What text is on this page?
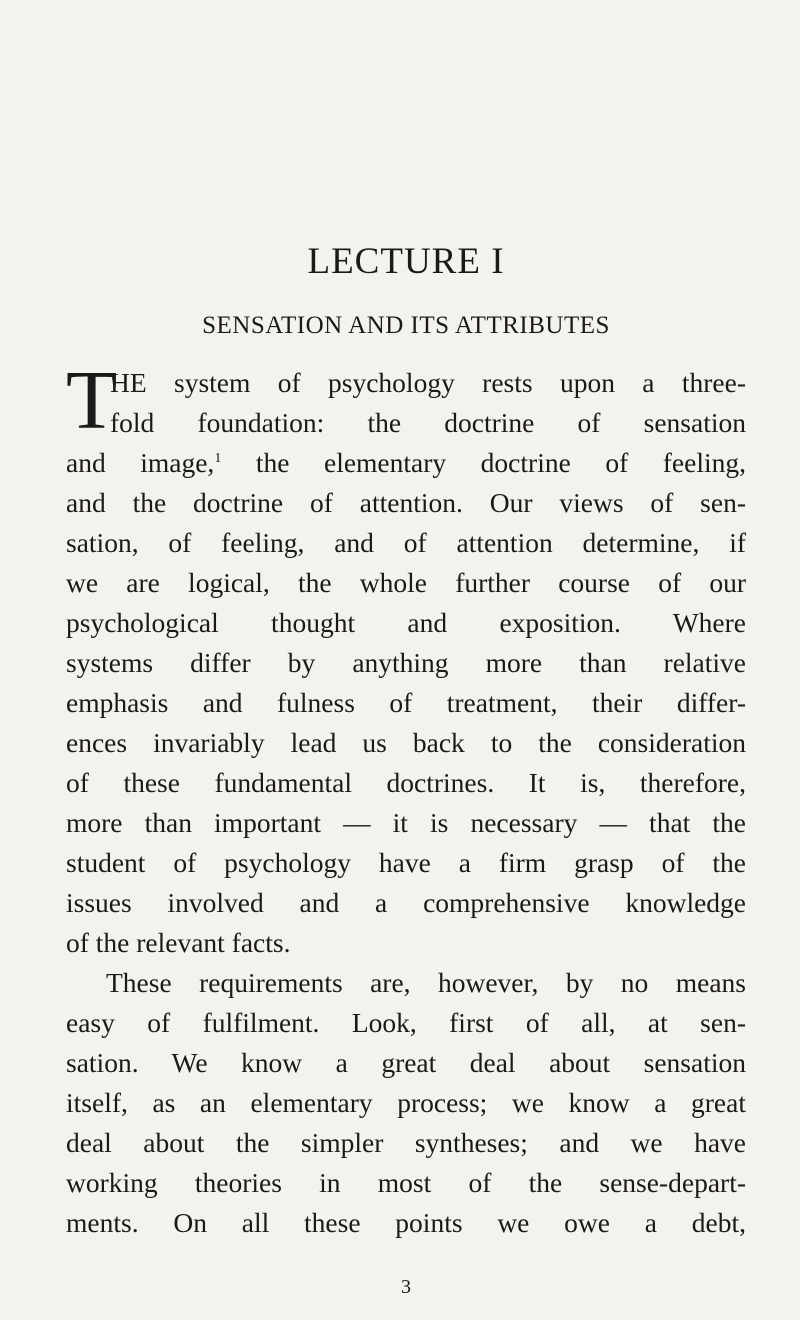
LECTURE I
SENSATION AND ITS ATTRIBUTES
T
HE system of psychology rests upon a three-
fold foundation: the doctrine of sensation
and image,$^1$ the elementary doctrine of feeling,
and the doctrine of attention. Our views of sen-
sation, of feeling, and of attention determine, if
we are logical, the whole further course of our
psychological thought and exposition. Where
systems differ by anything more than relative
emphasis and fulness of treatment, their differ-
ences invariably lead us back to the consideration
of these fundamental doctrines. It is, therefore,
more than important — it is necessary — that the
student of psychology have a firm grasp of the
issues involved and a comprehensive knowledge
of the relevant facts.
These requirements are, however, by no means
easy of fulfilment. Look, first of all, at sen-
sation. We know a great deal about sensation
itself, as an elementary process; we know a great
deal about the simpler syntheses; and we have
working theories in most of the sense-depart-
ments. On all these points we owe a debt,
3
